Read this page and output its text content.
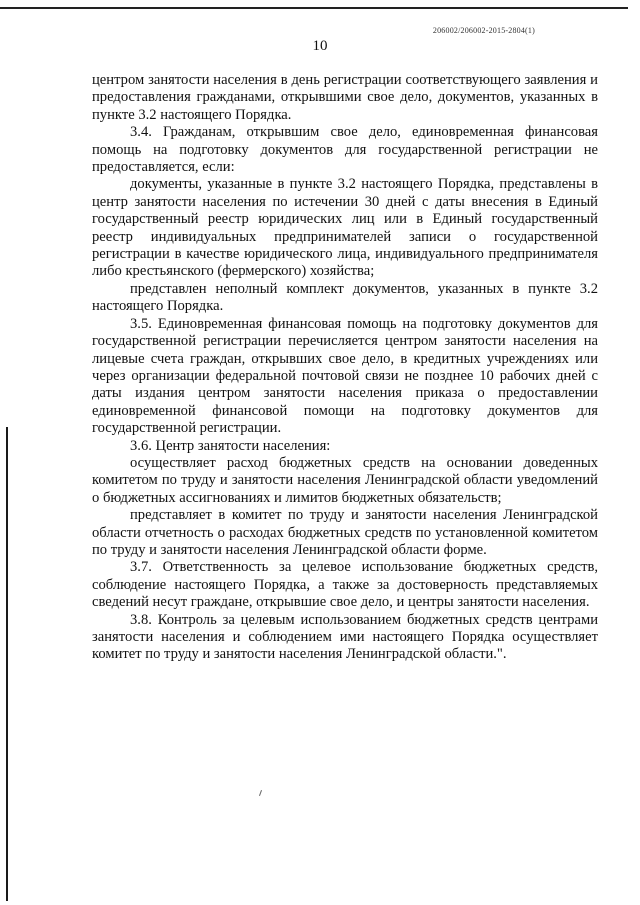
206002/206002-2015-2804(1)
10

центром занятости населения в день регистрации соответствующего заявления и предоставления гражданами, открывшими свое дело, документов, указанных в пункте 3.2 настоящего Порядка.

3.4. Гражданам, открывшим свое дело, единовременная финансовая помощь на подготовку документов для государственной регистрации не предоставляется, если:

документы, указанные в пункте 3.2 настоящего Порядка, представлены в центр занятости населения по истечении 30 дней с даты внесения в Единый государственный реестр юридических лиц или в Единый государственный реестр индивидуальных предпринимателей записи о государственной регистрации в качестве юридического лица, индивидуального предпринимателя либо крестьянского (фермерского) хозяйства;

представлен неполный комплект документов, указанных в пункте 3.2 настоящего Порядка.

3.5. Единовременная финансовая помощь на подготовку документов для государственной регистрации перечисляется центром занятости населения на лицевые счета граждан, открывших свое дело, в кредитных учреждениях или через организации федеральной почтовой связи не позднее 10 рабочих дней с даты издания центром занятости населения приказа о предоставлении единовременной финансовой помощи на подготовку документов для государственной регистрации.

3.6. Центр занятости населения:

осуществляет расход бюджетных средств на основании доведенных комитетом по труду и занятости населения Ленинградской области уведомлений о бюджетных ассигнованиях и лимитов бюджетных обязательств;

представляет в комитет по труду и занятости населения Ленинградской области отчетность о расходах бюджетных средств по установленной комитетом по труду и занятости населения Ленинградской области форме.

3.7. Ответственность за целевое использование бюджетных средств, соблюдение настоящего Порядка, а также за достоверность представляемых сведений несут граждане, открывшие свое дело, и центры занятости населения.

3.8. Контроль за целевым использованием бюджетных средств центрами занятости населения и соблюдением ими настоящего Порядка осуществляет комитет по труду и занятости населения Ленинградской области.".
